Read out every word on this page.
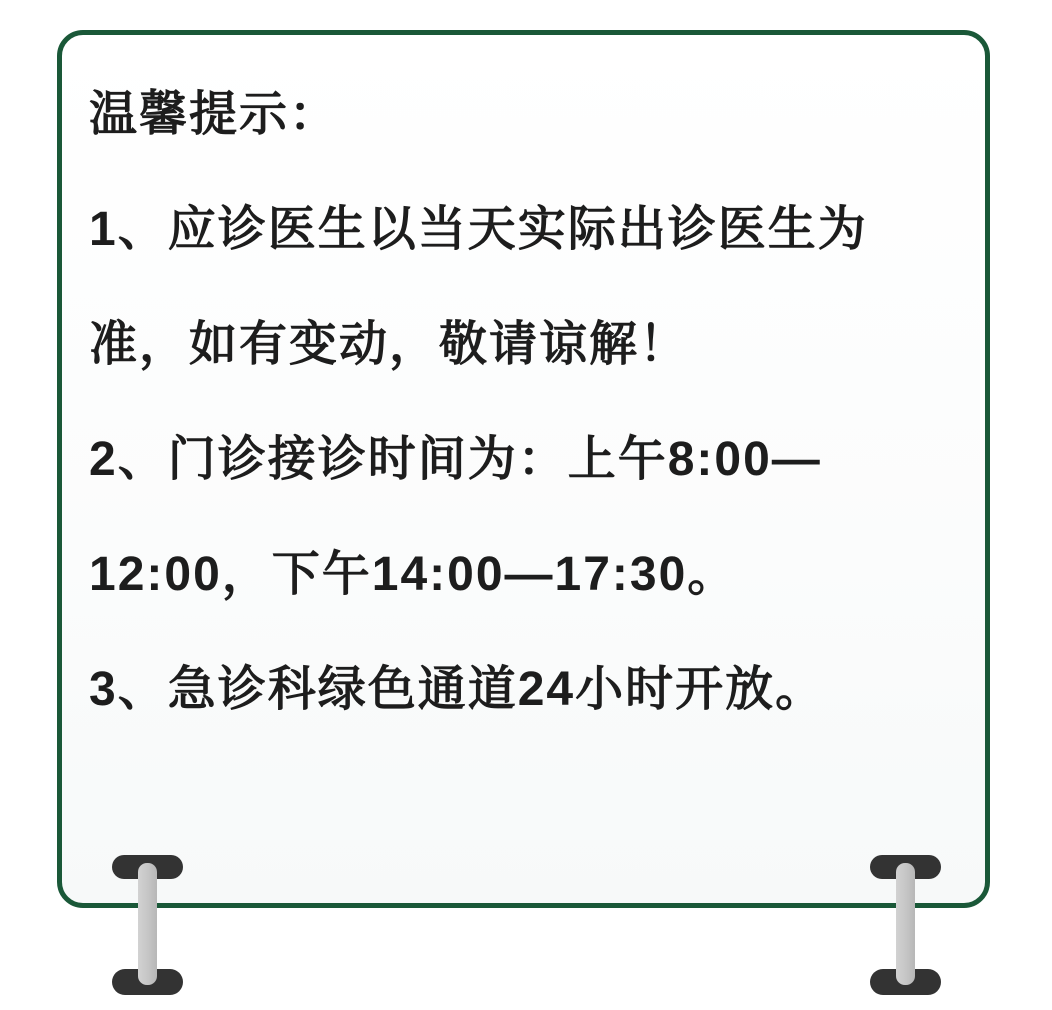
温馨提示：
1、应诊医生以当天实际出诊医生为
准，如有变动，敬请谅解！
2、门诊接诊时间为：上午8:00—
12:00，下午14:00—17:30。
3、急诊科绿色通道24小时开放。
